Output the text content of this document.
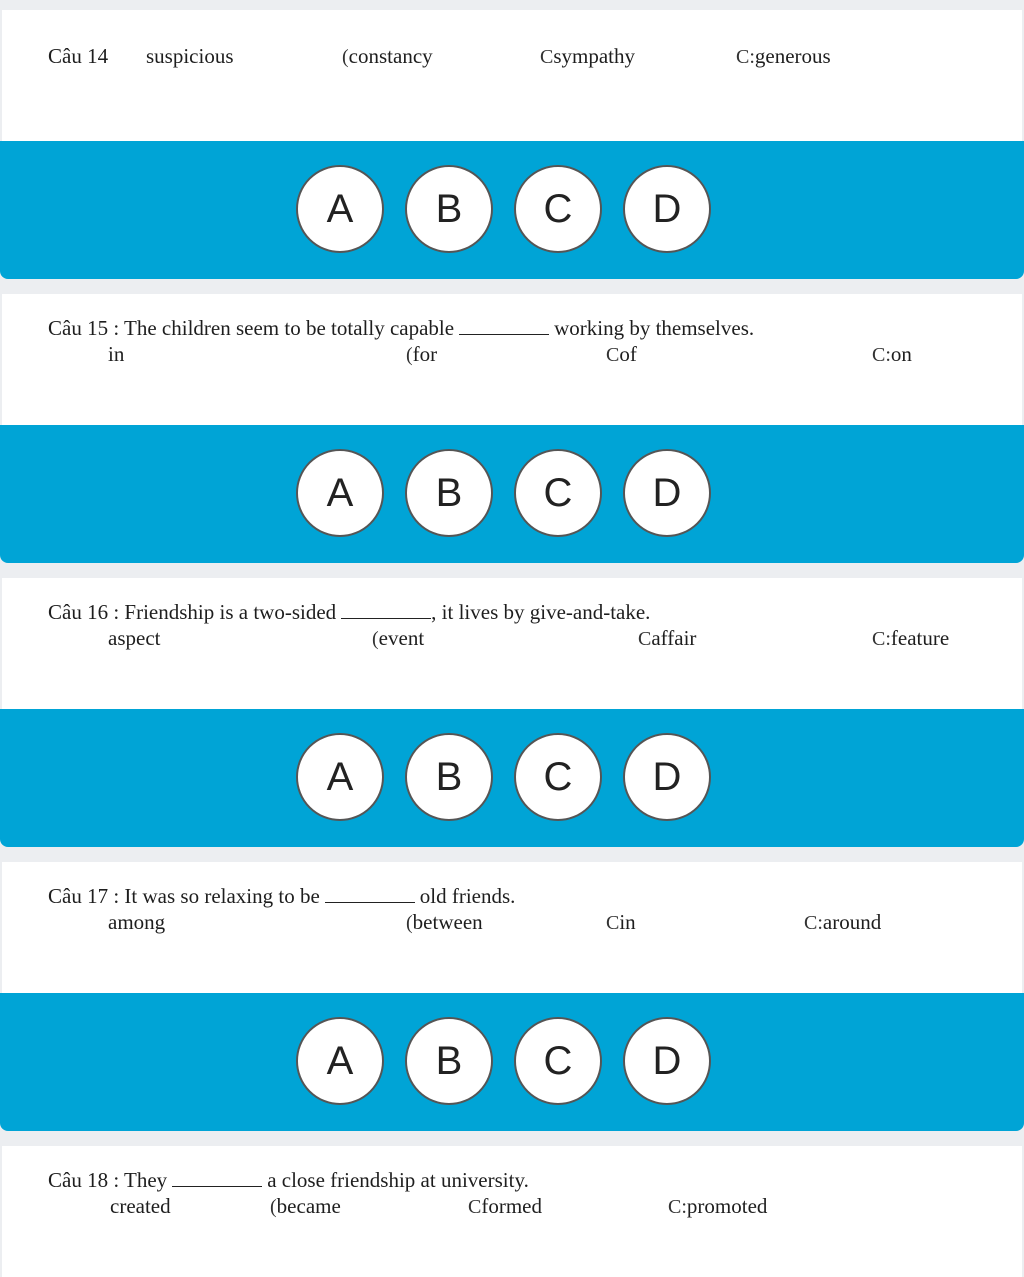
Câu 14 suspicious	(constancy	Csympathy	C:generous
A	B	C	D
Câu 15 : The children seem to be totally capable	working by themselves.
in	(for	Cof	C:on
A	B	C	D
Câu 16 : Friendship is a two-sided	, it lives by give-and-take.
aspect	(event	Caffair	C:feature
A	B	C	D
Câu 17 : It was so relaxing to be	old friends.
among	(between	Cin	C:around
A	B	C	D
Câu 18 : They	a close friendship at university.
created	(became	Cformed	C:promoted
